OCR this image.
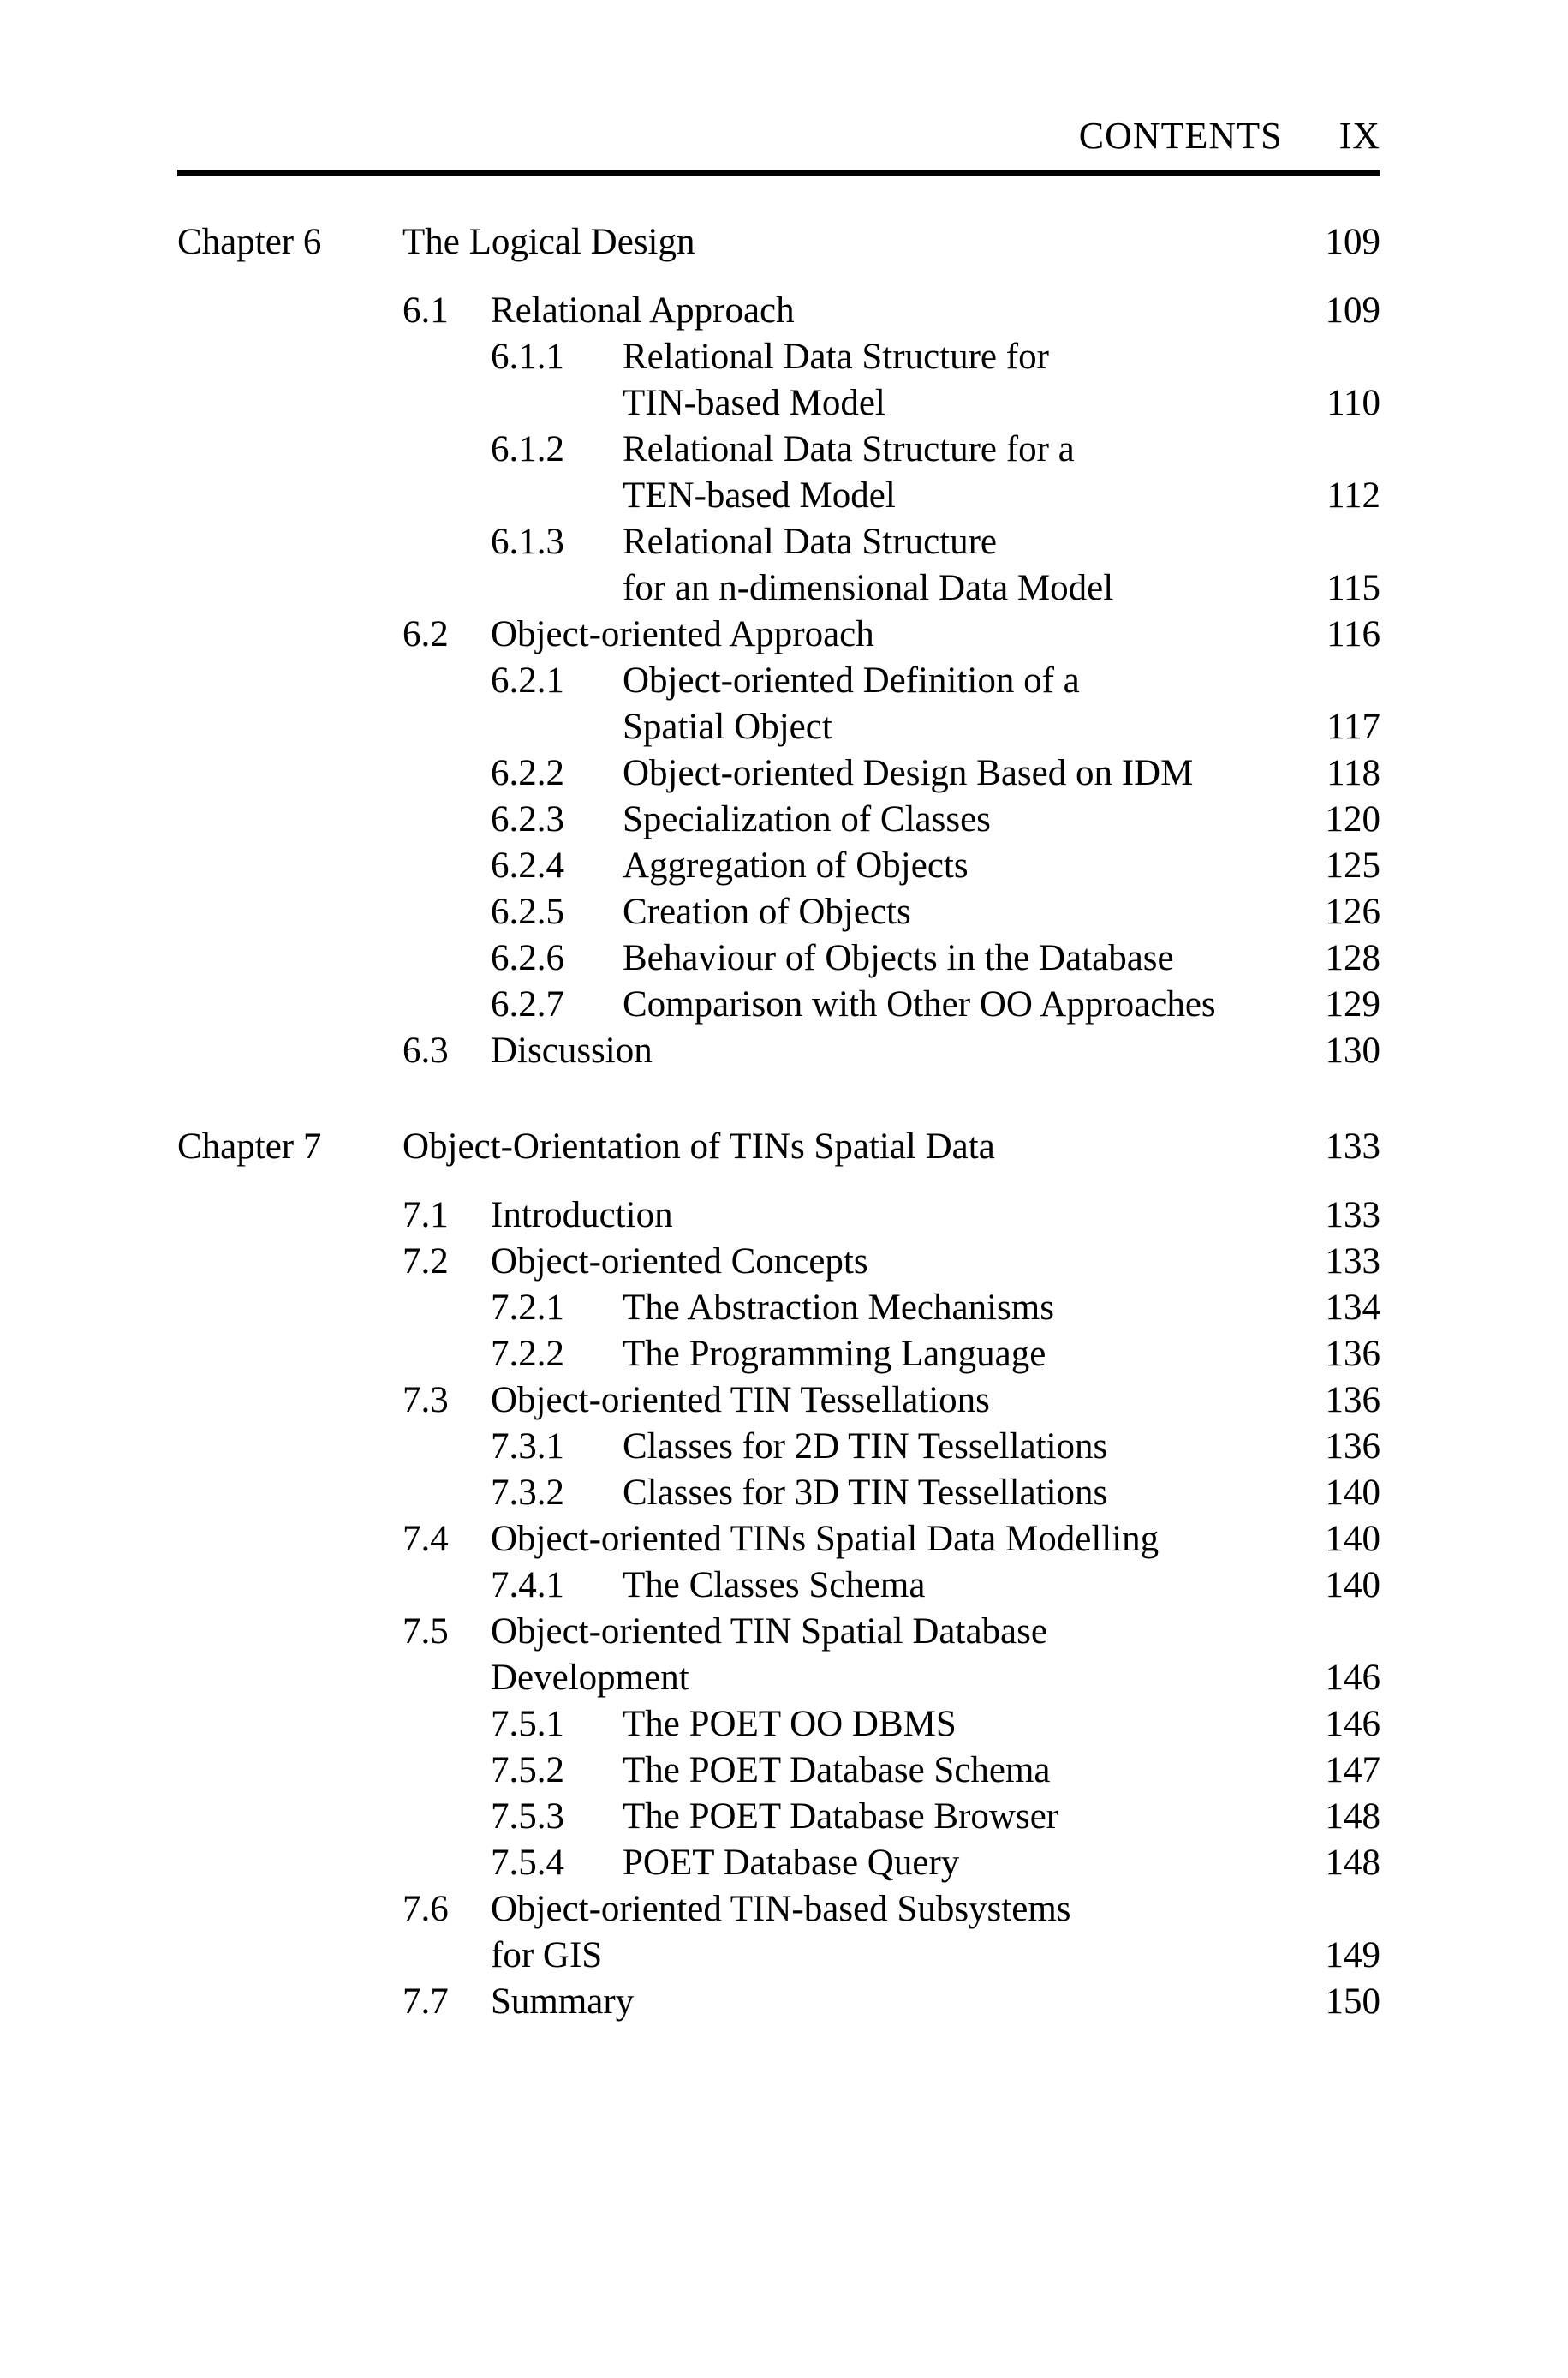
CONTENTS IX
Chapter 6	The Logical Design	109
6.1	Relational Approach	109
6.1.1	Relational Data Structure for
TIN-based Model	110
6.1.2	Relational Data Structure for a
TEN-based Model	112
6.1.3	Relational Data Structure
for an n-dimensional Data Model	115
6.2	Object-oriented Approach	116
6.2.1	Object-oriented Definition of a
Spatial Object	117
6.2.2	Object-oriented Design Based on IDM	118
6.2.3	Specialization of Classes	120
6.2.4	Aggregation of Objects	125
6.2.5	Creation of Objects	126
6.2.6	Behaviour of Objects in the Database	128
6.2.7	Comparison with Other OO Approaches	129
6.3	Discussion	130
Chapter 7	Object-Orientation of TINs Spatial Data	133
7.1	Introduction	133
7.2	Object-oriented Concepts	133
7.2.1	The Abstraction Mechanisms	134
7.2.2	The Programming Language	136
7.3	Object-oriented TIN Tessellations	136
7.3.1	Classes for 2D TIN Tessellations	136
7.3.2	Classes for 3D TIN Tessellations	140
7.4	Object-oriented TINs Spatial Data Modelling	140
7.4.1	The Classes Schema	140
7.5	Object-oriented TIN Spatial Database
Development	146
7.5.1	The POET OO DBMS	146
7.5.2	The POET Database Schema	147
7.5.3	The POET Database Browser	148
7.5.4	POET Database Query	148
7.6	Object-oriented TIN-based Subsystems
for GIS	149
7.7	Summary	150
